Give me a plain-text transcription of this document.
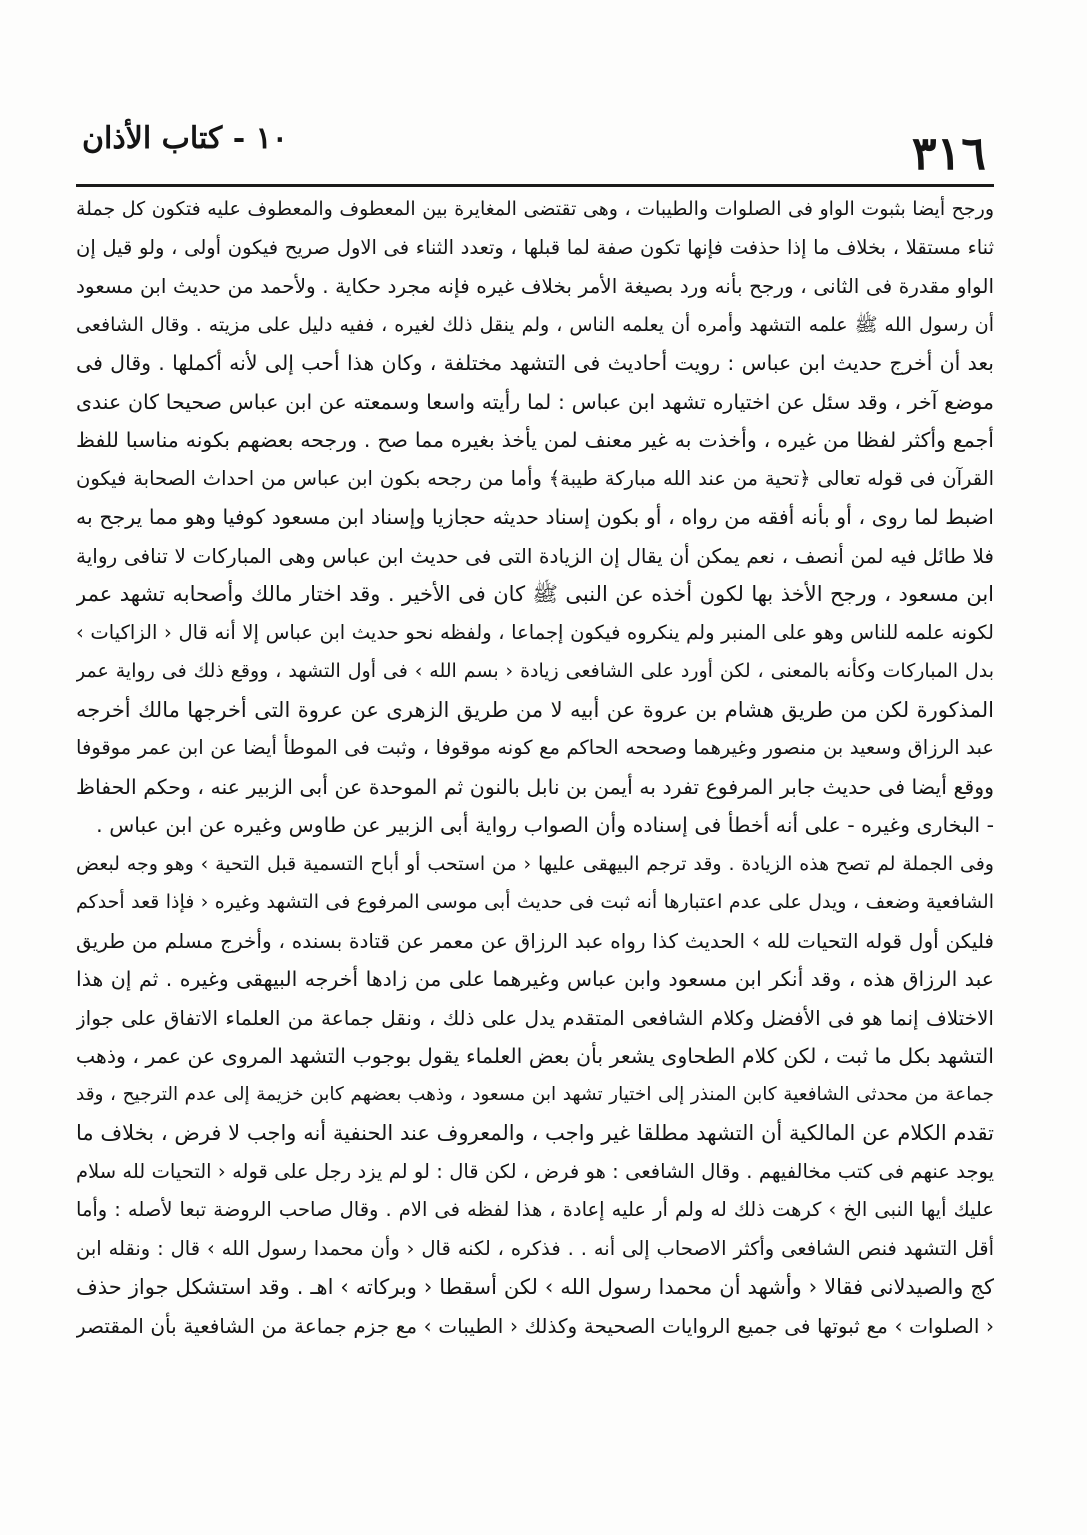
٣١٦
١٠ - كتاب الأذان
ورجح أيضا بثبوت الواو فى الصلوات والطيبات ، وهى تقتضى المغايرة بين المعطوف والمعطوف عليه فتكون كل جملة
ثناء مستقلا ، بخلاف ما إذا حذفت فإنها تكون صفة لما قبلها ، وتعدد الثناء فى الاول صريح فيكون أولى ، ولو قيل إن
الواو مقدرة فى الثانى ، ورجح بأنه ورد بصيغة الأمر بخلاف غيره فإنه مجرد حكاية . ولأحمد من حديث ابن مسعود
أن رسول الله ﷺ علمه التشهد وأمره أن يعلمه الناس ، ولم ينقل ذلك لغيره ، ففيه دليل على مزيته . وقال الشافعى
بعد أن أخرج حديث ابن عباس : رويت أحاديث فى التشهد مختلفة ، وكان هذا أحب إلى لأنه أكملها . وقال فى
موضع آخر ، وقد سئل عن اختياره تشهد ابن عباس : لما رأيته واسعا وسمعته عن ابن عباس صحيحا كان عندى
أجمع وأكثر لفظا من غيره ، وأخذت به غير معنف لمن يأخذ بغيره مما صح . ورجحه بعضهم بكونه مناسبا للفظ
القرآن فى قوله تعالى ﴿تحية من عند الله مباركة طيبة﴾ وأما من رجحه بكون ابن عباس من احداث الصحابة فيكون
اضبط لما روى ، أو بأنه أفقه من رواه ، أو بكون إسناد حديثه حجازيا وإسناد ابن مسعود كوفيا وهو مما يرجح به
فلا طائل فيه لمن أنصف ، نعم يمكن أن يقال إن الزيادة التى فى حديث ابن عباس وهى المباركات لا تنافى رواية
ابن مسعود ، ورجح الأخذ بها لكون أخذه عن النبى ﷺ كان فى الأخير . وقد اختار مالك وأصحابه تشهد عمر
لكونه علمه للناس وهو على المنبر ولم ينكروه فيكون إجماعا ، ولفظه نحو حديث ابن عباس إلا أنه قال ‹ الزاكيات ›
بدل المباركات وكأنه بالمعنى ، لكن أورد على الشافعى زيادة ‹ بسم الله › فى أول التشهد ، ووقع ذلك فى رواية عمر
المذكورة لكن من طريق هشام بن عروة عن أبيه لا من طريق الزهرى عن عروة التى أخرجها مالك أخرجه
عبد الرزاق وسعيد بن منصور وغيرهما وصححه الحاكم مع كونه موقوفا ، وثبت فى الموطأ أيضا عن ابن عمر موقوفا
ووقع أيضا فى حديث جابر المرفوع تفرد به أيمن بن نابل بالنون ثم الموحدة عن أبى الزبير عنه ، وحكم الحفاظ
- البخارى وغيره - على أنه أخطأ فى إسناده وأن الصواب رواية أبى الزبير عن طاوس وغيره عن ابن عباس .
وفى الجملة لم تصح هذه الزيادة . وقد ترجم البيهقى عليها ‹ من استحب أو أباح التسمية قبل التحية › وهو وجه لبعض
الشافعية وضعف ، ويدل على عدم اعتبارها أنه ثبت فى حديث أبى موسى المرفوع فى التشهد وغيره ‹ فإذا قعد أحدكم
فليكن أول قوله التحيات لله › الحديث كذا رواه عبد الرزاق عن معمر عن قتادة بسنده ، وأخرج مسلم من طريق
عبد الرزاق هذه ، وقد أنكر ابن مسعود وابن عباس وغيرهما على من زادها أخرجه البيهقى وغيره . ثم إن هذا
الاختلاف إنما هو فى الأفضل وكلام الشافعى المتقدم يدل على ذلك ، ونقل جماعة من العلماء الاتفاق على جواز
التشهد بكل ما ثبت ، لكن كلام الطحاوى يشعر بأن بعض العلماء يقول بوجوب التشهد المروى عن عمر ، وذهب
جماعة من محدثى الشافعية كابن المنذر إلى اختيار تشهد ابن مسعود ، وذهب بعضهم كابن خزيمة إلى عدم الترجيح ، وقد
تقدم الكلام عن المالكية أن التشهد مطلقا غير واجب ، والمعروف عند الحنفية أنه واجب لا فرض ، بخلاف ما
يوجد عنهم فى كتب مخالفيهم . وقال الشافعى : هو فرض ، لكن قال : لو لم يزد رجل على قوله ‹ التحيات لله سلام
عليك أيها النبى الخ › كرهت ذلك له ولم أر عليه إعادة ، هذا لفظه فى الام . وقال صاحب الروضة تبعا لأصله : وأما
أقل التشهد فنص الشافعى وأكثر الاصحاب إلى أنه . . فذكره ، لكنه قال ‹ وأن محمدا رسول الله › قال : ونقله ابن
كج والصيدلانى فقالا ‹ وأشهد أن محمدا رسول الله › لكن أسقطا ‹ وبركاته › اهـ . وقد استشكل جواز حذف
‹ الصلوات › مع ثبوتها فى جميع الروايات الصحيحة وكذلك ‹ الطيبات › مع جزم جماعة من الشافعية بأن المقتصر
